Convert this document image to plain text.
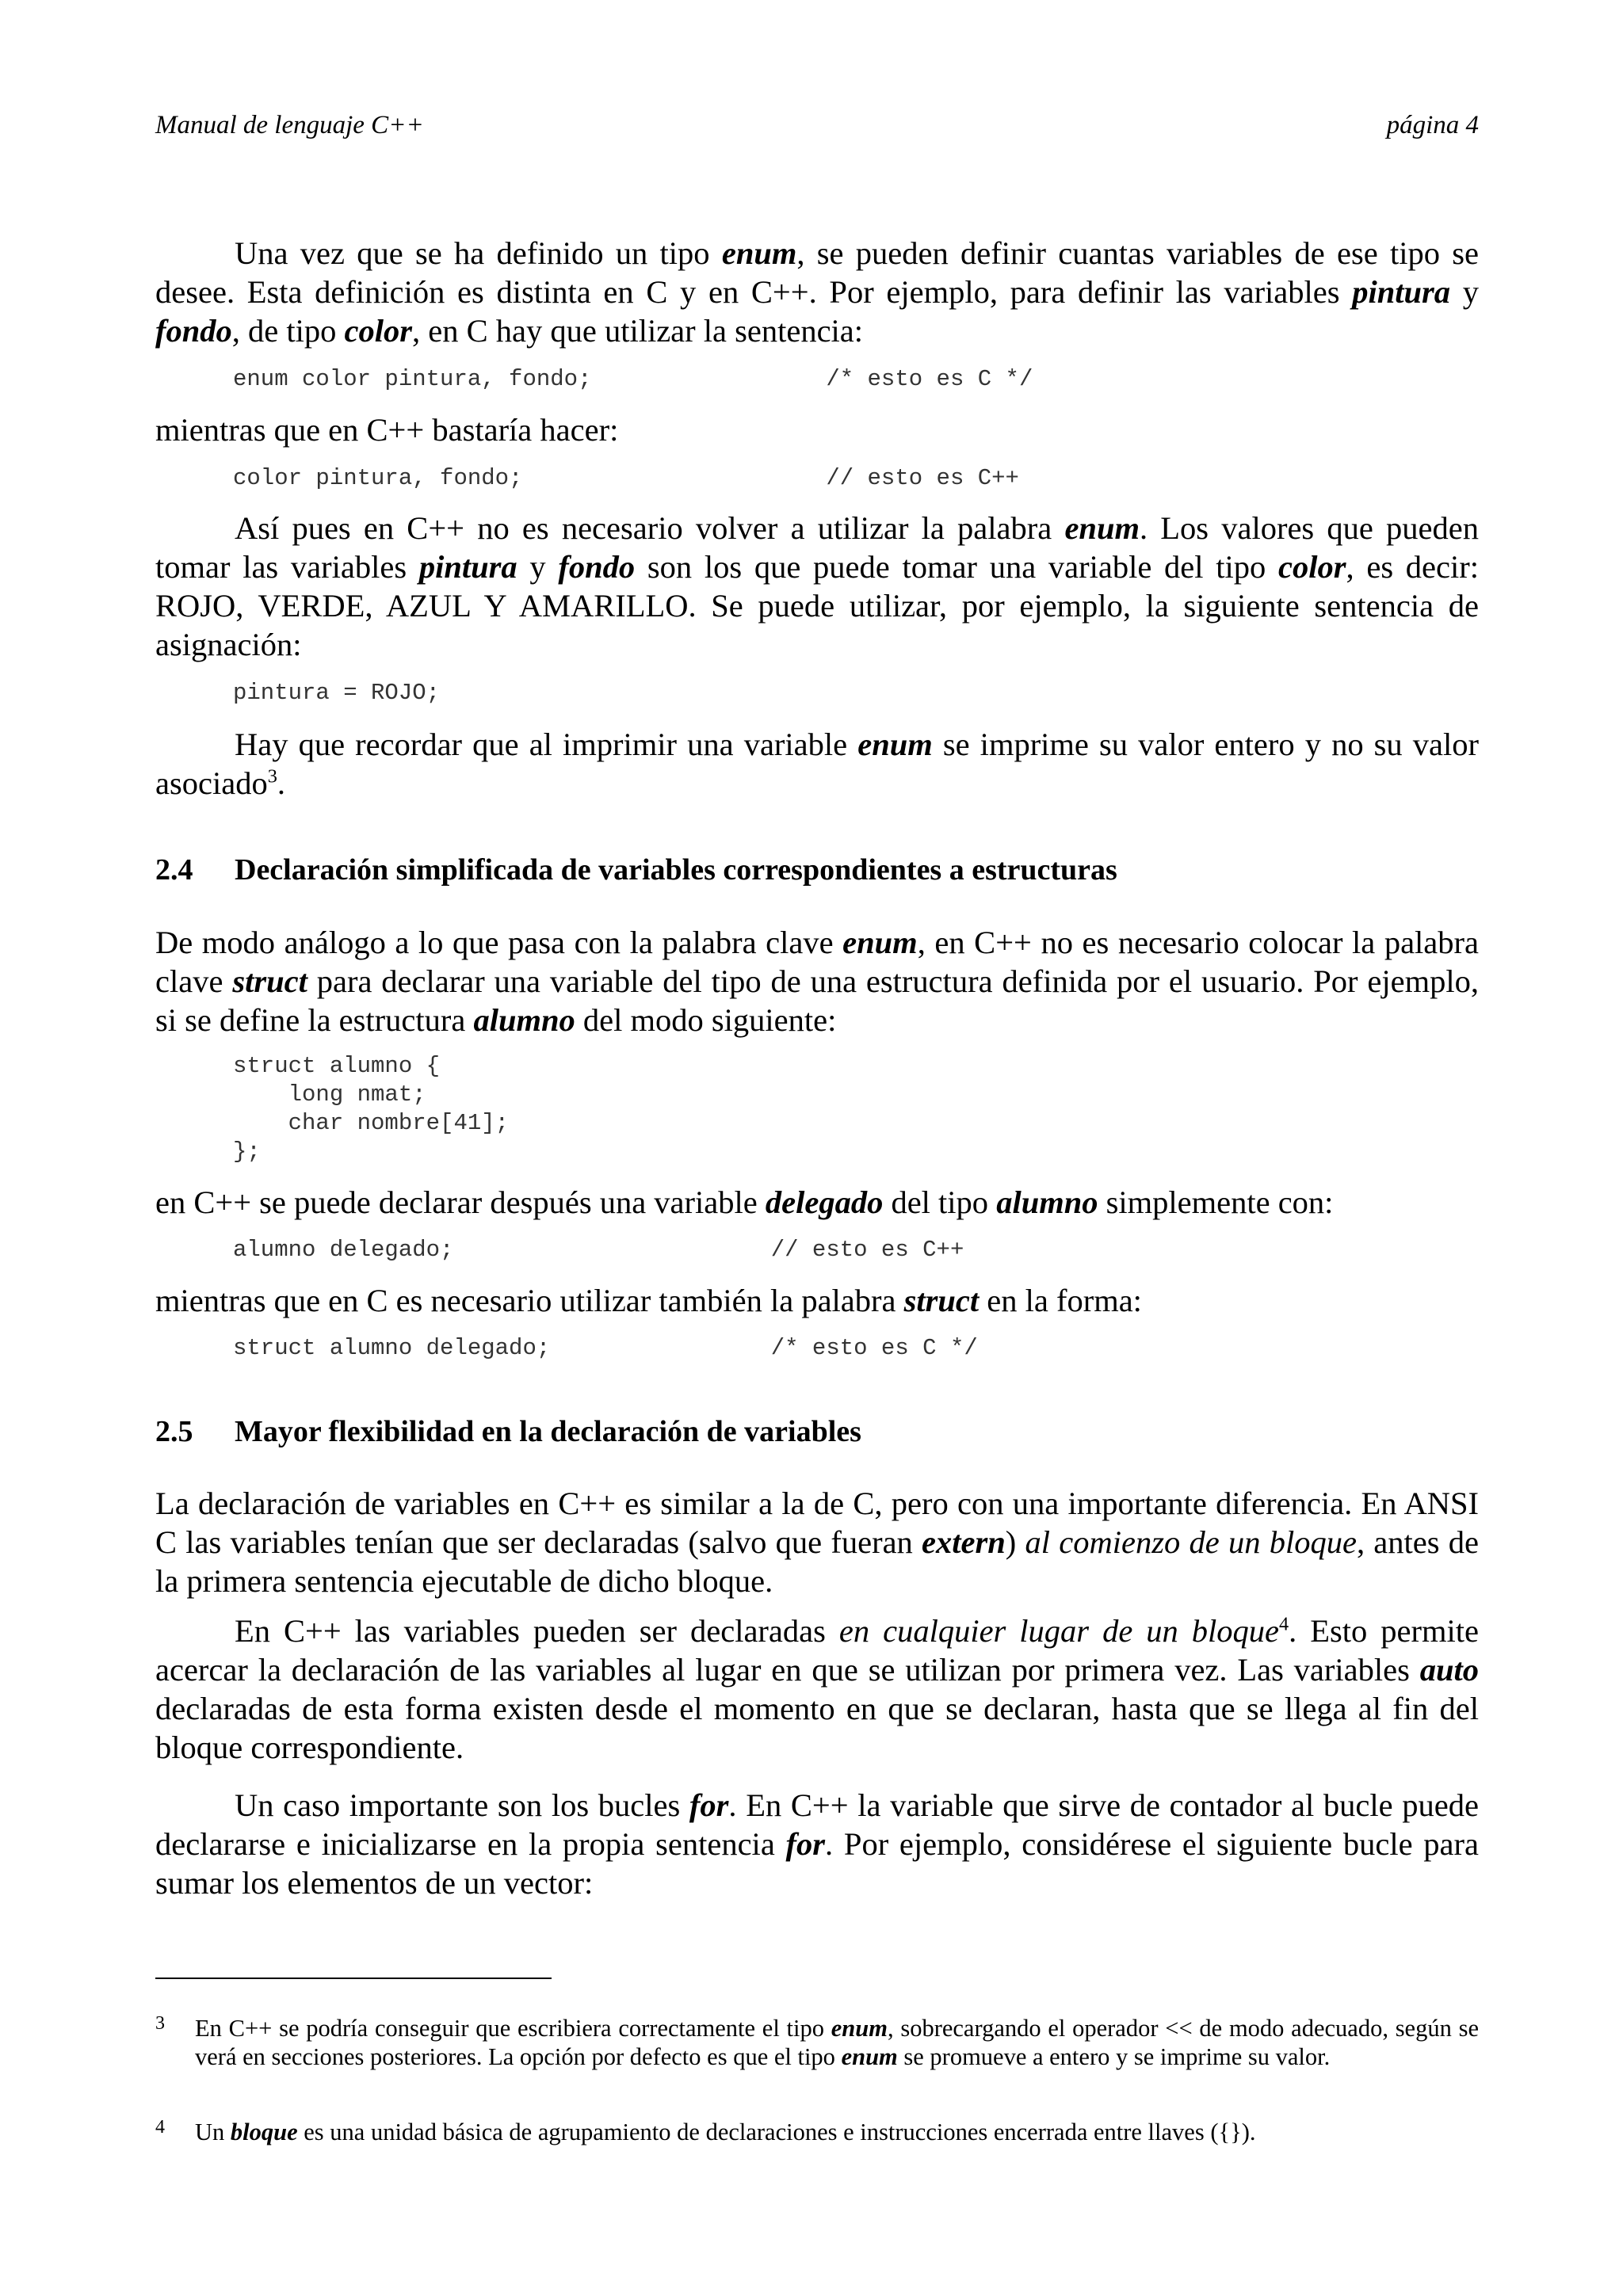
Manual de lenguaje C++	página 4

Una vez que se ha definido un tipo enum, se pueden definir cuantas variables de ese tipo se desee. Esta definición es distinta en C y en C++. Por ejemplo, para definir las variables pintura y fondo, de tipo color, en C hay que utilizar la sentencia:

enum color pintura, fondo;                 /* esto es C */

mientras que en C++ bastaría hacer:

color pintura, fondo;                      // esto es C++

Así pues en C++ no es necesario volver a utilizar la palabra enum. Los valores que pueden tomar las variables pintura y fondo son los que puede tomar una variable del tipo color, es decir: ROJO, VERDE, AZUL Y AMARILLO. Se puede utilizar, por ejemplo, la siguiente sentencia de asignación:

pintura = ROJO;

Hay que recordar que al imprimir una variable enum se imprime su valor entero y no su valor asociado$^3$.

2.4 Declaración simplificada de variables correspondientes a estructuras

De modo análogo a lo que pasa con la palabra clave enum, en C++ no es necesario colocar la palabra clave struct para declarar una variable del tipo de una estructura definida por el usuario. Por ejemplo, si se define la estructura alumno del modo siguiente:

struct alumno {
long nmat;
char nombre[41];
};

en C++ se puede declarar después una variable delegado del tipo alumno simplemente con:

alumno delegado;                       // esto es C++

mientras que en C es necesario utilizar también la palabra struct en la forma:

struct alumno delegado;                /* esto es C */
2.5 Mayor flexibilidad en la declaración de variables

La declaración de variables en C++ es similar a la de C, pero con una importante diferencia. En ANSI C las variables tenían que ser declaradas (salvo que fueran extern) al comienzo de un bloque, antes de la primera sentencia ejecutable de dicho bloque.

En C++ las variables pueden ser declaradas en cualquier lugar de un bloque$^4$. Esto permite acercar la declaración de las variables al lugar en que se utilizan por primera vez. Las variables auto declaradas de esta forma existen desde el momento en que se declaran, hasta que se llega al fin del bloque correspondiente.

Un caso importante son los bucles for. En C++ la variable que sirve de contador al bucle puede declararse e inicializarse en la propia sentencia for. Por ejemplo, considérese el siguiente bucle para sumar los elementos de un vector:

3 En C++ se podría conseguir que escribiera correctamente el tipo enum, sobrecargando el operador << de modo adecuado, según se verá en secciones posteriores. La opción por defecto es que el tipo enum se promueve a entero y se imprime su valor.
4 Un bloque es una unidad básica de agrupamiento de declaraciones e instrucciones encerrada entre llaves ({}).
